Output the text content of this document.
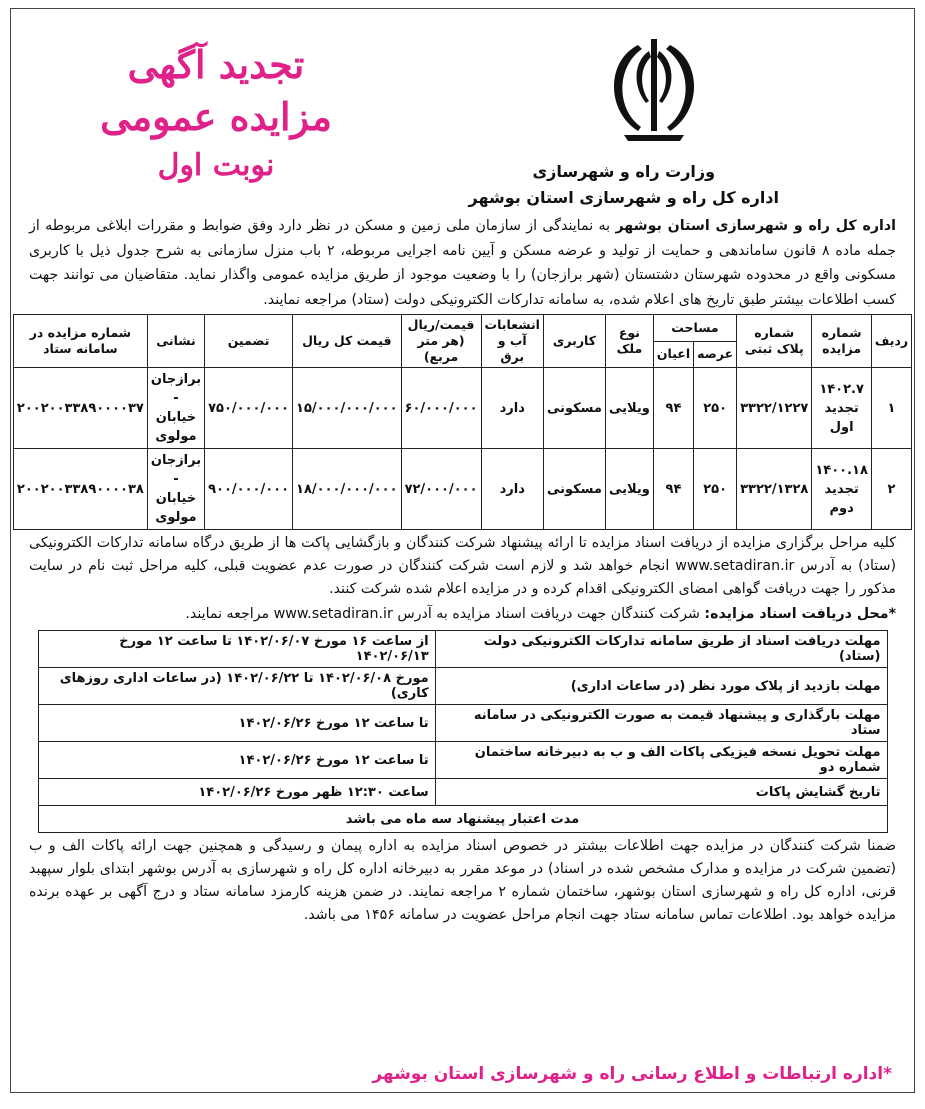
وزارت راه و شهرسازی
اداره کل راه و شهرسازی استان بوشهر
تجدید آگهی
مزایده عمومی
نوبت اول

اداره کل راه و شهرسازی استان بوشهر به نمایندگی از سازمان ملی زمین و مسکن در نظر دارد وفق ضوابط و مقررات ابلاغی مربوطه از جمله ماده ۸ قانون ساماندهی و حمایت از تولید و عرضه مسکن و آیین نامه اجرایی مربوطه، ۲ باب منزل سازمانی به شرح جدول ذیل با کاربری مسکونی واقع در محدوده شهرستان دشتستان (شهر برازجان) را با وضعیت موجود از طریق مزایده عمومی واگذار نماید. متقاضیان می توانند جهت کسب اطلاعات بیشتر طبق تاریخ های اعلام شده، به سامانه تدارکات الکترونیکی دولت (ستاد) مراجعه نمایند.

ردیف	شماره مزایده	شماره پلاک ثبتی	مساحت		نوع ملک	کاربری	انشعابات آب و برق	قیمت/ریال (هر متر مربع)	قیمت کل ریال	تضمین	نشانی	شماره مزایده در سامانه ستاد
			عرصه	اعیان								
۱	۱۴۰۲.۷ تجدید اول	۳۳۲۲/۱۲۲۷	۲۵۰	۹۴	ویلایی	مسکونی	دارد	۶۰/۰۰۰/۰۰۰	۱۵/۰۰۰/۰۰۰/۰۰۰	۷۵۰/۰۰۰/۰۰۰	برازجان - خیابان مولوی	۲۰۰۲۰۰۳۳۸۹۰۰۰۰۳۷
۲	۱۴۰۰.۱۸ تجدید دوم	۳۳۲۲/۱۳۲۸	۲۵۰	۹۴	ویلایی	مسکونی	دارد	۷۲/۰۰۰/۰۰۰	۱۸/۰۰۰/۰۰۰/۰۰۰	۹۰۰/۰۰۰/۰۰۰	برازجان - خیابان مولوی	۲۰۰۲۰۰۳۳۸۹۰۰۰۰۳۸

کلیه مراحل برگزاری مزایده از دریافت اسناد مزایده تا ارائه پیشنهاد شرکت کنندگان و بازگشایی پاکت ها از طریق درگاه سامانه تدارکات الکترونیکی (ستاد) به آدرس www.setadiran.ir انجام خواهد شد و لازم است شرکت کنندگان در صورت عدم عضویت قبلی، کلیه مراحل ثبت نام در سایت مذکور را جهت دریافت گواهی امضای الکترونیکی اقدام کرده و در مزایده اعلام شده شرکت کنند.

*محل دریافت اسناد مزایده: شرکت کنندگان جهت دریافت اسناد مزایده به آدرس www.setadiran.ir مراجعه نمایند.

مهلت دریافت اسناد از طریق سامانه تدارکات الکترونیکی دولت (ستاد)	از ساعت ۱۶ مورخ ۱۴۰۲/۰۶/۰۷ تا ساعت ۱۲ مورخ ۱۴۰۲/۰۶/۱۳
مهلت بازدید از پلاک مورد نظر (در ساعات اداری)	مورخ ۱۴۰۲/۰۶/۰۸ تا ۱۴۰۲/۰۶/۲۲ (در ساعات اداری روزهای کاری)
مهلت بارگذاری و پیشنهاد قیمت به صورت الکترونیکی در سامانه ستاد	تا ساعت ۱۲ مورخ ۱۴۰۲/۰۶/۲۶
مهلت تحویل نسخه فیزیکی پاکات الف و ب به دبیرخانه ساختمان شماره دو	تا ساعت ۱۲ مورخ ۱۴۰۲/۰۶/۲۶
تاریخ گشایش پاکات	ساعت ۱۲:۳۰ ظهر مورخ ۱۴۰۲/۰۶/۲۶
مدت اعتبار پیشنهاد سه ماه می باشد	

ضمنا شرکت کنندگان در مزایده جهت اطلاعات بیشتر در خصوص اسناد مزایده به اداره پیمان و رسیدگی و همچنین جهت ارائه پاکات الف و ب (تضمین شرکت در مزایده و مدارک مشخص شده در اسناد) در موعد مقرر به دبیرخانه اداره کل راه و شهرسازی به آدرس بوشهر ابتدای بلوار سپهبد قرنی، اداره کل راه و شهرسازی استان بوشهر، ساختمان شماره ۲ مراجعه نمایند. در ضمن هزینه کارمزد سامانه ستاد و درج آگهی بر عهده برنده مزایده خواهد بود. اطلاعات تماس سامانه ستاد جهت انجام مراحل عضویت در سامانه ۱۴۵۶ می باشد.

*اداره ارتباطات و اطلاع رسانی راه و شهرسازی استان بوشهر
